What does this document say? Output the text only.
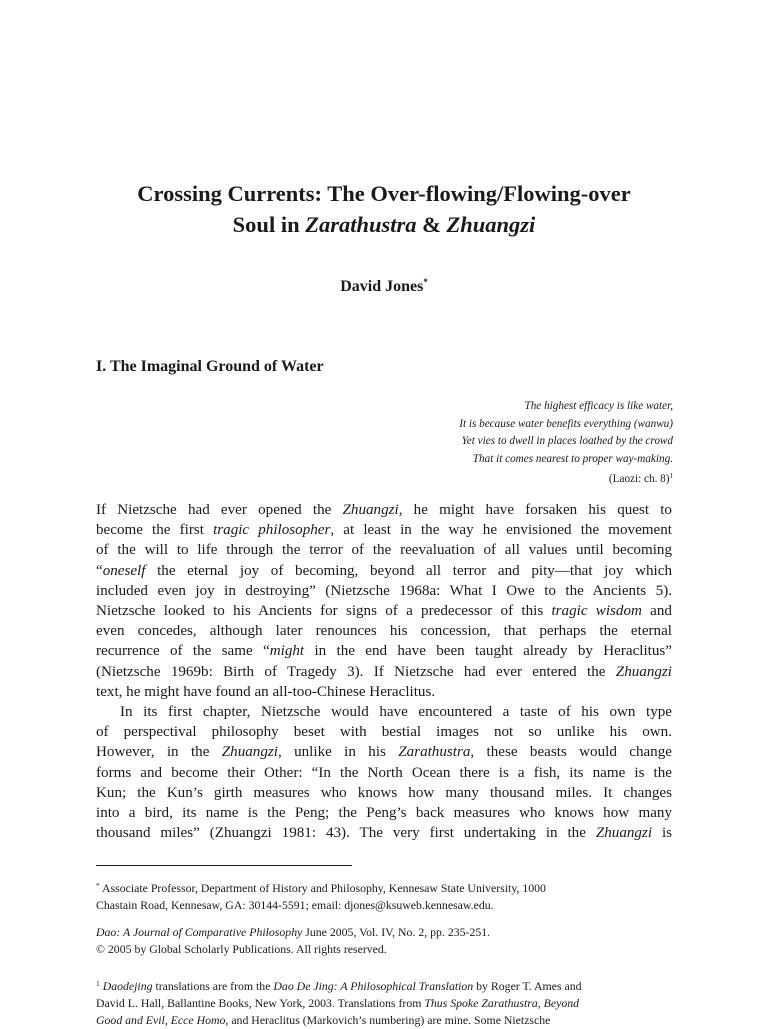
Crossing Currents: The Over-flowing/Flowing-over
Soul in Zarathustra & Zhuangzi
David Jones*
I. The Imaginal Ground of Water
The highest efficacy is like water,
It is because water benefits everything (wanwu)
Yet vies to dwell in places loathed by the crowd
That it comes nearest to proper way-making.
(Laozi: ch. 8)$^1$
If Nietzsche had ever opened the Zhuangzi, he might have forsaken his quest to
become the first tragic philosopher, at least in the way he envisioned the movement
of the will to life through the terror of the reevaluation of all values until becoming
“oneself the eternal joy of becoming, beyond all terror and pity—that joy which
included even joy in destroying” (Nietzsche 1968a: What I Owe to the Ancients 5).
Nietzsche looked to his Ancients for signs of a predecessor of this tragic wisdom and
even concedes, although later renounces his concession, that perhaps the eternal
recurrence of the same “might in the end have been taught already by Heraclitus”
(Nietzsche 1969b: Birth of Tragedy 3). If Nietzsche had ever entered the Zhuangzi
text, he might have found an all-too-Chinese Heraclitus.
In its first chapter, Nietzsche would have encountered a taste of his own type
of perspectival philosophy beset with bestial images not so unlike his own.
However, in the Zhuangzi, unlike in his Zarathustra, these beasts would change
forms and become their Other: “In the North Ocean there is a fish, its name is the
Kun; the Kun’s girth measures who knows how many thousand miles. It changes
into a bird, its name is the Peng; the Peng’s back measures who knows how many
thousand miles” (Zhuangzi 1981: 43). The very first undertaking in the Zhuangzi is
* Associate Professor, Department of History and Philosophy, Kennesaw State University, 1000
Chastain Road, Kennesaw, GA: 30144-5591; email: djones@ksuweb.kennesaw.edu.
Dao: A Journal of Comparative Philosophy June 2005, Vol. IV, No. 2, pp. 235-251.
© 2005 by Global Scholarly Publications. All rights reserved.
$^1$ Daodejing translations are from the Dao De Jing: A Philosophical Translation by Roger T. Ames and
David L. Hall, Ballantine Books, New York, 2003. Translations from Thus Spoke Zarathustra, Beyond
Good and Evil, Ecce Homo, and Heraclitus (Markovich’s numbering) are mine. Some Nietzsche
